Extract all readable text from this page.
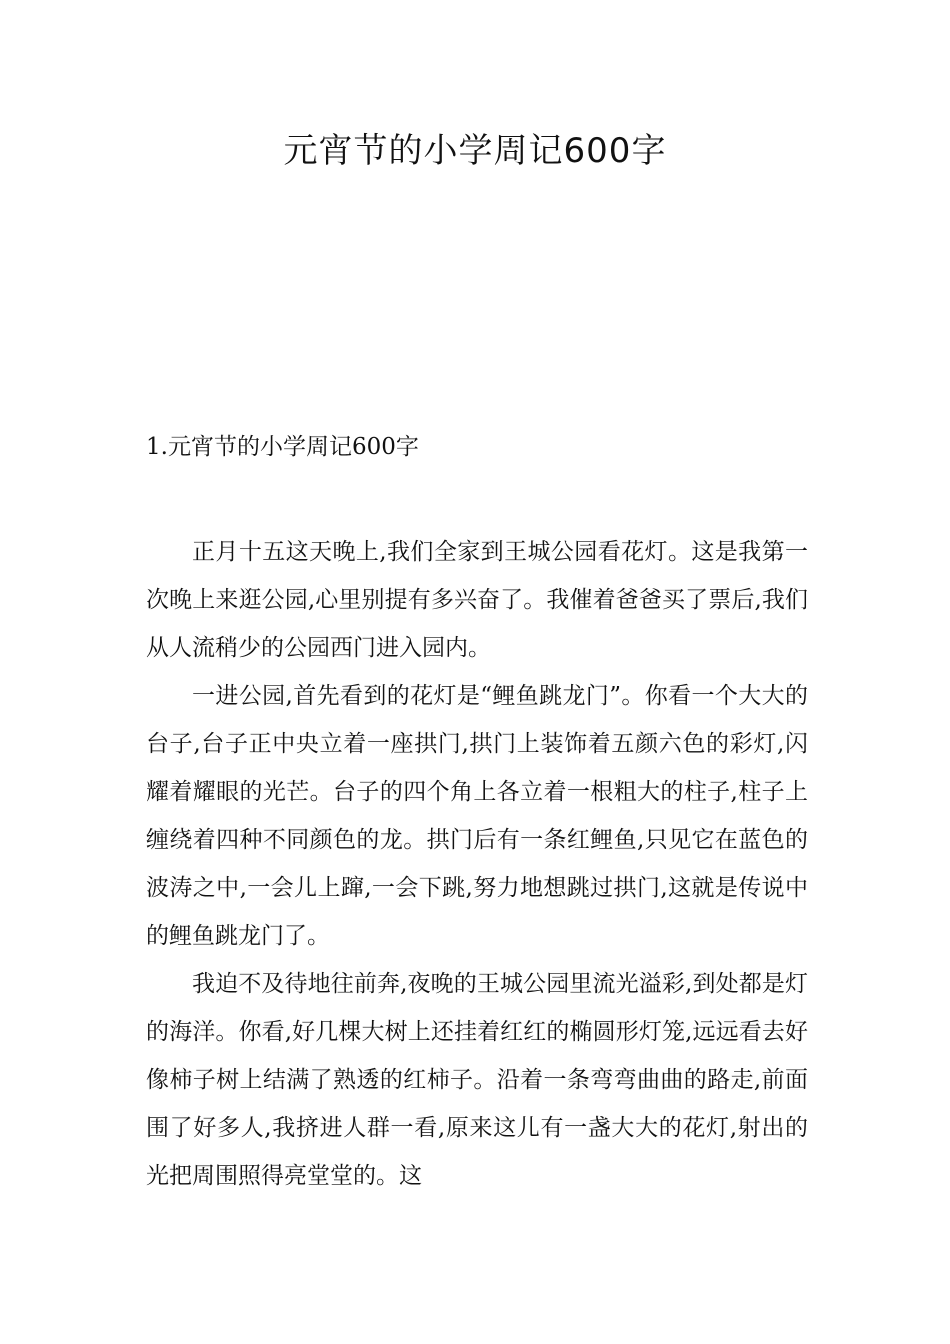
元宵节的小学周记600字
1.元宵节的小学周记600字

正月十五这天晚上,我们全家到王城公园看花灯。这是我第一次晚上来逛公园,心里别提有多兴奋了。我催着爸爸买了票后,我们从人流稍少的公园西门进入园内。

一进公园,首先看到的花灯是“鲤鱼跳龙门”。你看一个大大的台子,台子正中央立着一座拱门,拱门上装饰着五颜六色的彩灯,闪耀着耀眼的光芒。台子的四个角上各立着一根粗大的柱子,柱子上缠绕着四种不同颜色的龙。拱门后有一条红鲤鱼,只见它在蓝色的波涛之中,一会儿上蹿,一会下跳,努力地想跳过拱门,这就是传说中的鲤鱼跳龙门了。

我迫不及待地往前奔,夜晚的王城公园里流光溢彩,到处都是灯的海洋。你看,好几棵大树上还挂着红红的椭圆形灯笼,远远看去好像柿子树上结满了熟透的红柿子。沿着一条弯弯曲曲的路走,前面围了好多人,我挤进人群一看,原来这儿有一盏大大的花灯,射出的光把周围照得亮堂堂的。这
